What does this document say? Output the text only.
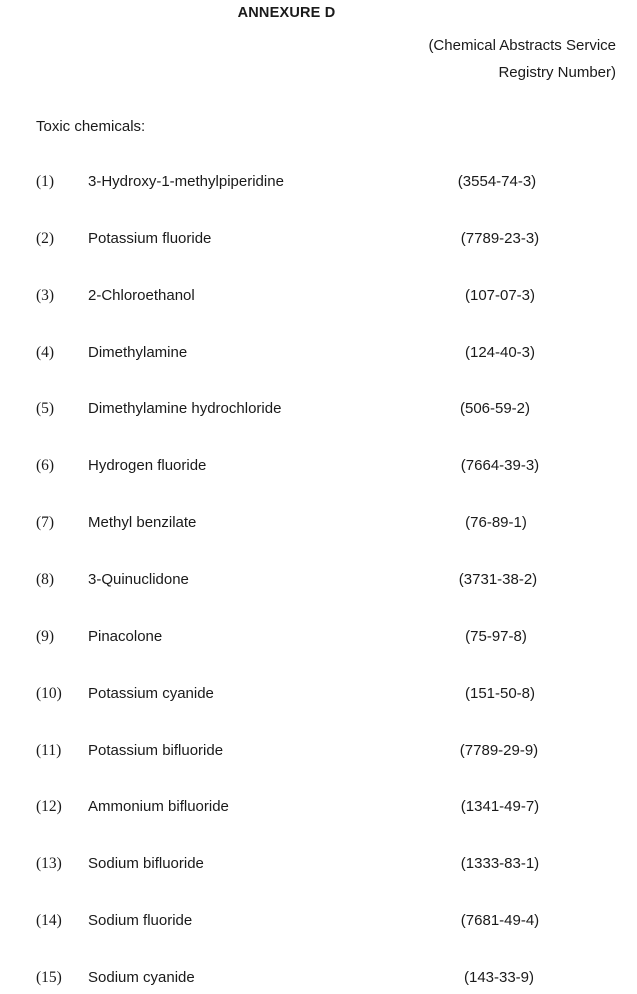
ANNEXURE D
(Chemical Abstracts Service
Registry Number)
Toxic chemicals:
(1) 3-Hydroxy-1-methylpiperidine	(3554-74-3)
(2) Potassium fluoride	(7789-23-3)
(3) 2-Chloroethanol	(107-07-3)
(4) Dimethylamine	(124-40-3)
(5) Dimethylamine hydrochloride	(506-59-2)
(6) Hydrogen fluoride	(7664-39-3)
(7) Methyl benzilate	(76-89-1)
(8) 3-Quinuclidone	(3731-38-2)
(9) Pinacolone	(75-97-8)
(10) Potassium cyanide	(151-50-8)
(11) Potassium bifluoride	(7789-29-9)
(12) Ammonium bifluoride	(1341-49-7)
(13) Sodium bifluoride	(1333-83-1)
(14) Sodium fluoride	(7681-49-4)
(15) Sodium cyanide	(143-33-9)
